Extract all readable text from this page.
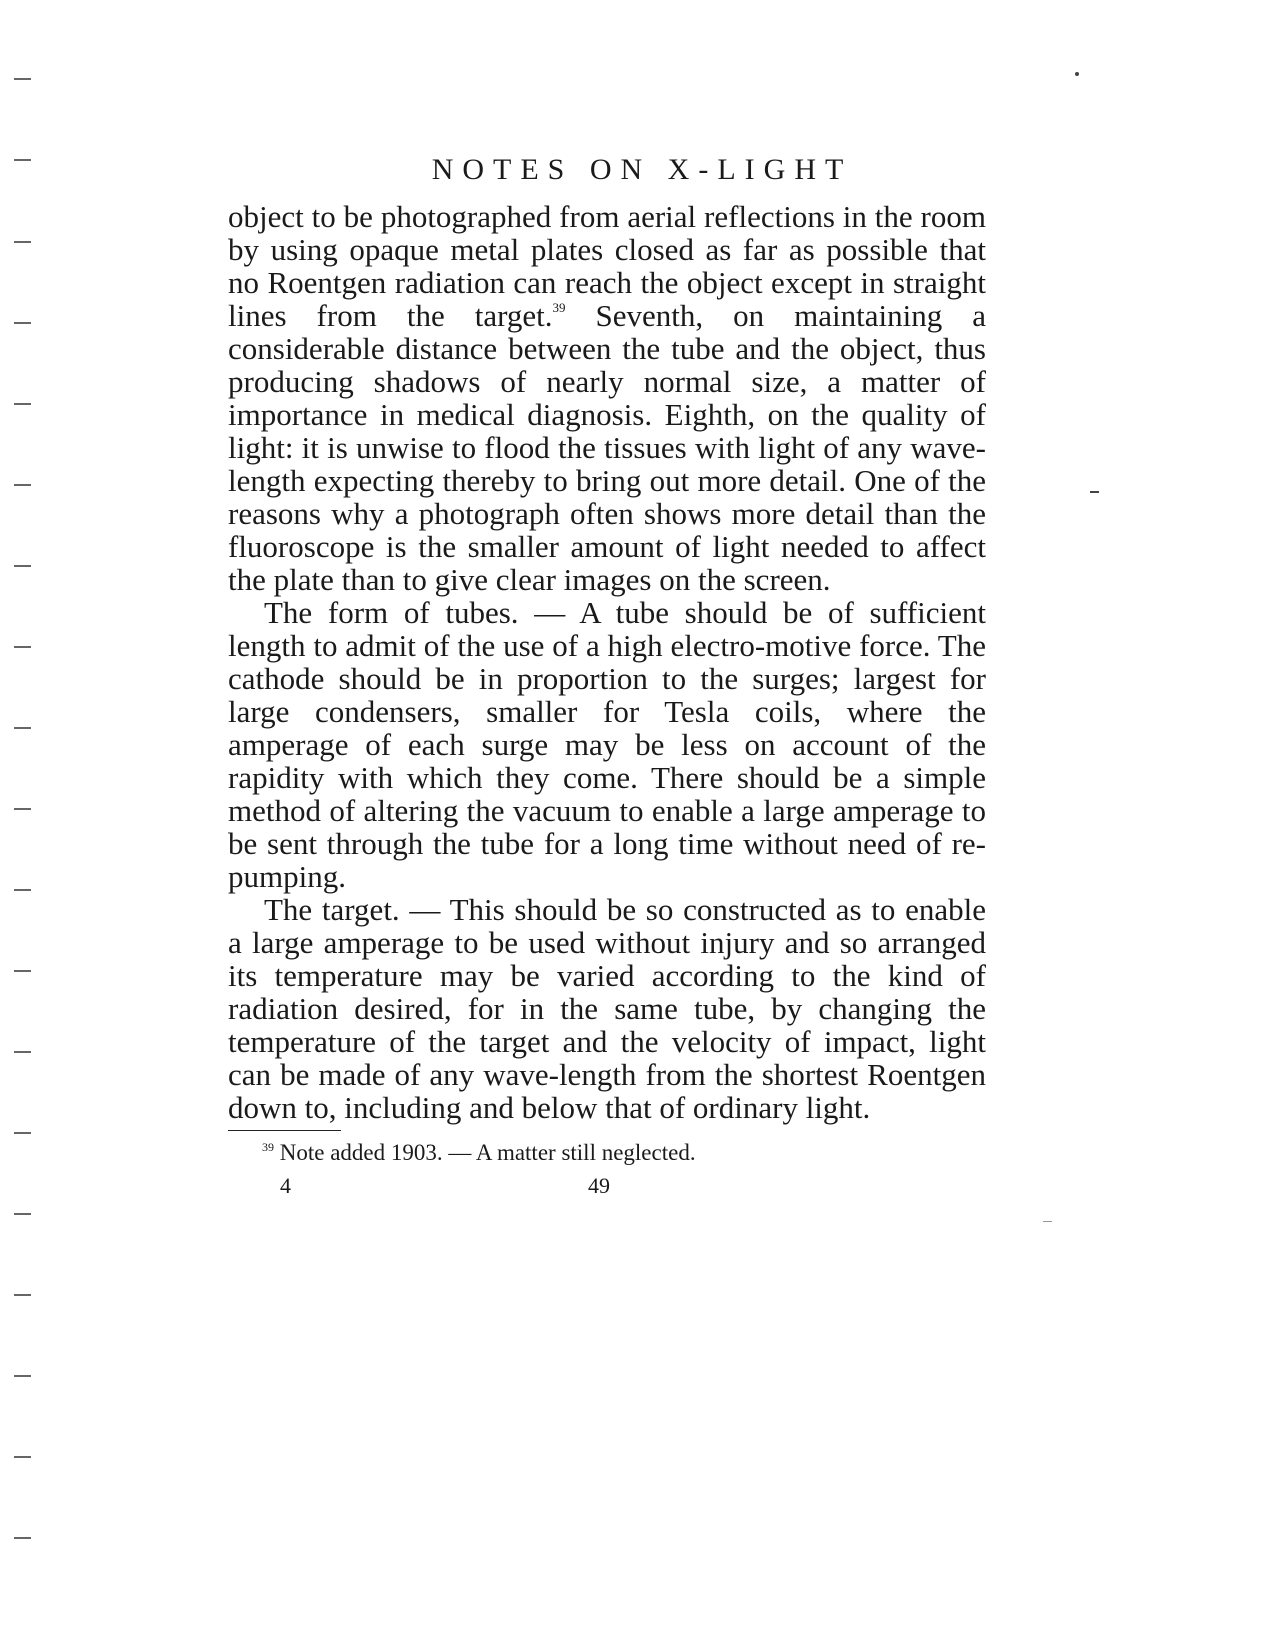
NOTES ON X-LIGHT

object to be photographed from aerial reflections in the room by using opaque metal plates closed as far as possible that no Roentgen radiation can reach the object except in straight lines from the target.$^{39}$ Seventh, on maintaining a considerable distance between the tube and the object, thus producing shadows of nearly normal size, a matter of importance in medical diagnosis. Eighth, on the quality of light: it is unwise to flood the tissues with light of any wave-length expecting thereby to bring out more detail. One of the reasons why a photograph often shows more detail than the fluoroscope is the smaller amount of light needed to affect the plate than to give clear images on the screen.

The form of tubes. — A tube should be of sufficient length to admit of the use of a high electro-motive force. The cathode should be in proportion to the surges; largest for large condensers, smaller for Tesla coils, where the amperage of each surge may be less on account of the rapidity with which they come. There should be a simple method of altering the vacuum to enable a large amperage to be sent through the tube for a long time without need of re-pumping.

The target. — This should be so constructed as to enable a large amperage to be used without injury and so arranged its temperature may be varied according to the kind of radiation desired, for in the same tube, by changing the temperature of the target and the velocity of impact, light can be made of any wave-length from the shortest Roentgen down to, including and below that of ordinary light.

$^{39}$ Note added 1903. — A matter still neglected.

4	49
